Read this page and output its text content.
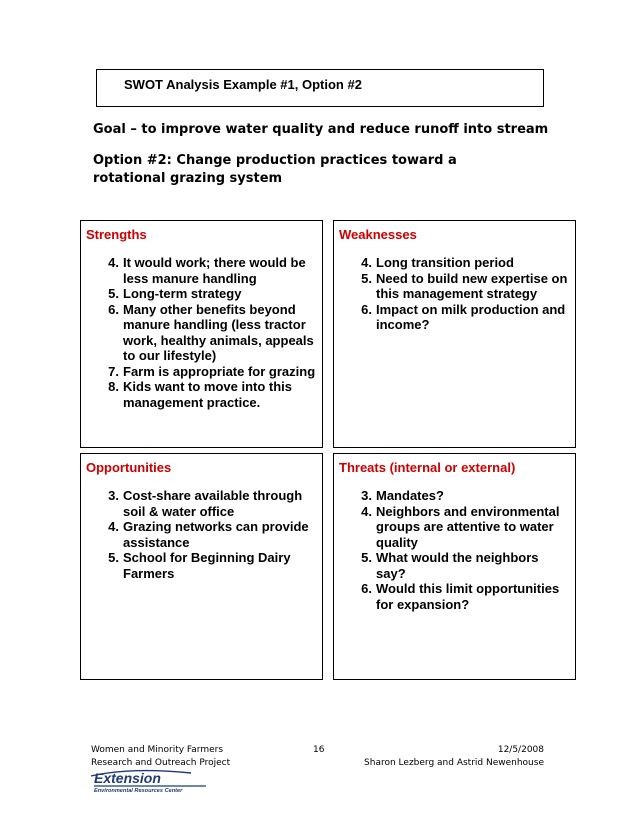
SWOT Analysis Example #1, Option #2
Goal – to improve water quality and reduce runoff into stream
Option #2: Change production practices toward a rotational grazing system
Strengths
4. It would work; there would be less manure handling
5. Long-term strategy
6. Many other benefits beyond manure handling (less tractor work, healthy animals, appeals to our lifestyle)
7. Farm is appropriate for grazing
8. Kids want to move into this management practice.
Weaknesses
4. Long transition period
5. Need to build new expertise on this management strategy
6. Impact on milk production and income?
Opportunities
3. Cost-share available through soil & water office
4. Grazing networks can provide assistance
5. School for Beginning Dairy Farmers
Threats (internal or external)
3. Mandates?
4. Neighbors and environmental groups are attentive to water quality
5. What would the neighbors say?
6. Would this limit opportunities for expansion?
Women and Minority Farmers
Research and Outreach Project
16	12/5/2008
Sharon Lezberg and Astrid Newenhouse
Extension
Environmental Resources Center
